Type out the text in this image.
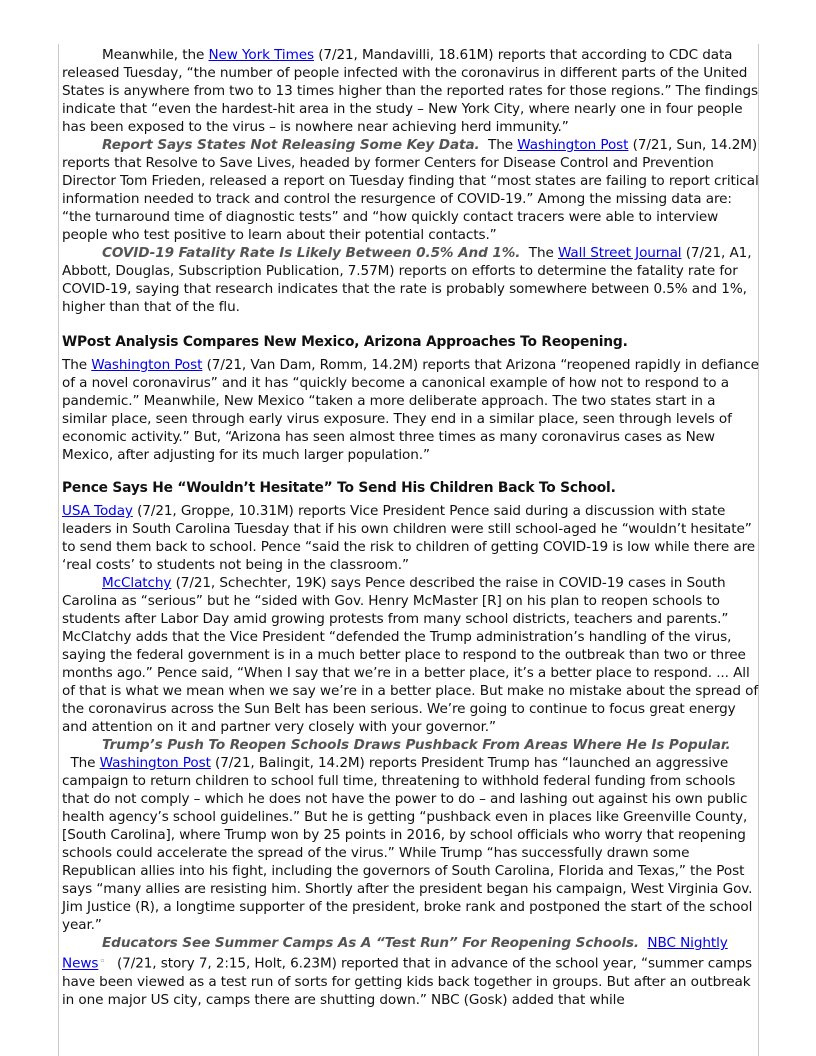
Meanwhile, the New York Times (7/21, Mandavilli, 18.61M) reports that according to CDC data released Tuesday, “the number of people infected with the coronavirus in different parts of the United States is anywhere from two to 13 times higher than the reported rates for those regions.” The findings indicate that “even the hardest-hit area in the study – New York City, where nearly one in four people has been exposed to the virus – is nowhere near achieving herd immunity.”

Report Says States Not Releasing Some Key Data.  The Washington Post (7/21, Sun, 14.2M) reports that Resolve to Save Lives, headed by former Centers for Disease Control and Prevention Director Tom Frieden, released a report on Tuesday finding that “most states are failing to report critical information needed to track and control the resurgence of COVID-19.” Among the missing data are: “the turnaround time of diagnostic tests” and “how quickly contact tracers were able to interview people who test positive to learn about their potential contacts.”

COVID-19 Fatality Rate Is Likely Between 0.5% And 1%.  The Wall Street Journal (7/21, A1, Abbott, Douglas, Subscription Publication, 7.57M) reports on efforts to determine the fatality rate for COVID-19, saying that research indicates that the rate is probably somewhere between 0.5% and 1%, higher than that of the flu.

WPost Analysis Compares New Mexico, Arizona Approaches To Reopening.

The Washington Post (7/21, Van Dam, Romm, 14.2M) reports that Arizona “reopened rapidly in defiance of a novel coronavirus” and it has “quickly become a canonical example of how not to respond to a pandemic.” Meanwhile, New Mexico “taken a more deliberate approach. The two states start in a similar place, seen through early virus exposure. They end in a similar place, seen through levels of economic activity.” But, “Arizona has seen almost three times as many coronavirus cases as New Mexico, after adjusting for its much larger population.”

Pence Says He “Wouldn’t Hesitate” To Send His Children Back To School.

USA Today (7/21, Groppe, 10.31M) reports Vice President Pence said during a discussion with state leaders in South Carolina Tuesday that if his own children were still school-aged he “wouldn’t hesitate” to send them back to school. Pence “said the risk to children of getting COVID-19 is low while there are ‘real costs’ to students not being in the classroom.”

McClatchy (7/21, Schechter, 19K) says Pence described the raise in COVID-19 cases in South Carolina as “serious” but he “sided with Gov. Henry McMaster [R] on his plan to reopen schools to students after Labor Day amid growing protests from many school districts, teachers and parents.” McClatchy adds that the Vice President “defended the Trump administration’s handling of the virus, saying the federal government is in a much better place to respond to the outbreak than two or three months ago.” Pence said, “When I say that we’re in a better place, it’s a better place to respond. ... All of that is what we mean when we say we’re in a better place. But make no mistake about the spread of the coronavirus across the Sun Belt has been serious. We’re going to continue to focus great energy and attention on it and partner very closely with your governor.”

Trump’s Push To Reopen Schools Draws Pushback From Areas Where He Is Popular.  The Washington Post (7/21, Balingit, 14.2M) reports President Trump has “launched an aggressive campaign to return children to school full time, threatening to withhold federal funding from schools that do not comply – which he does not have the power to do – and lashing out against his own public health agency’s school guidelines.” But he is getting “pushback even in places like Greenville County, [South Carolina], where Trump won by 25 points in 2016, by school officials who worry that reopening schools could accelerate the spread of the virus.” While Trump “has successfully drawn some Republican allies into his fight, including the governors of South Carolina, Florida and Texas,” the Post says “many allies are resisting him. Shortly after the president began his campaign, West Virginia Gov. Jim Justice (R), a longtime supporter of the president, broke rank and postponed the start of the school year.”

Educators See Summer Camps As A “Test Run” For Reopening Schools. NBC Nightly News ▫   (7/21, story 7, 2:15, Holt, 6.23M) reported that in advance of the school year, “summer camps have been viewed as a test run of sorts for getting kids back together in groups. But after an outbreak in one major US city, camps there are shutting down.” NBC (Gosk) added that while
